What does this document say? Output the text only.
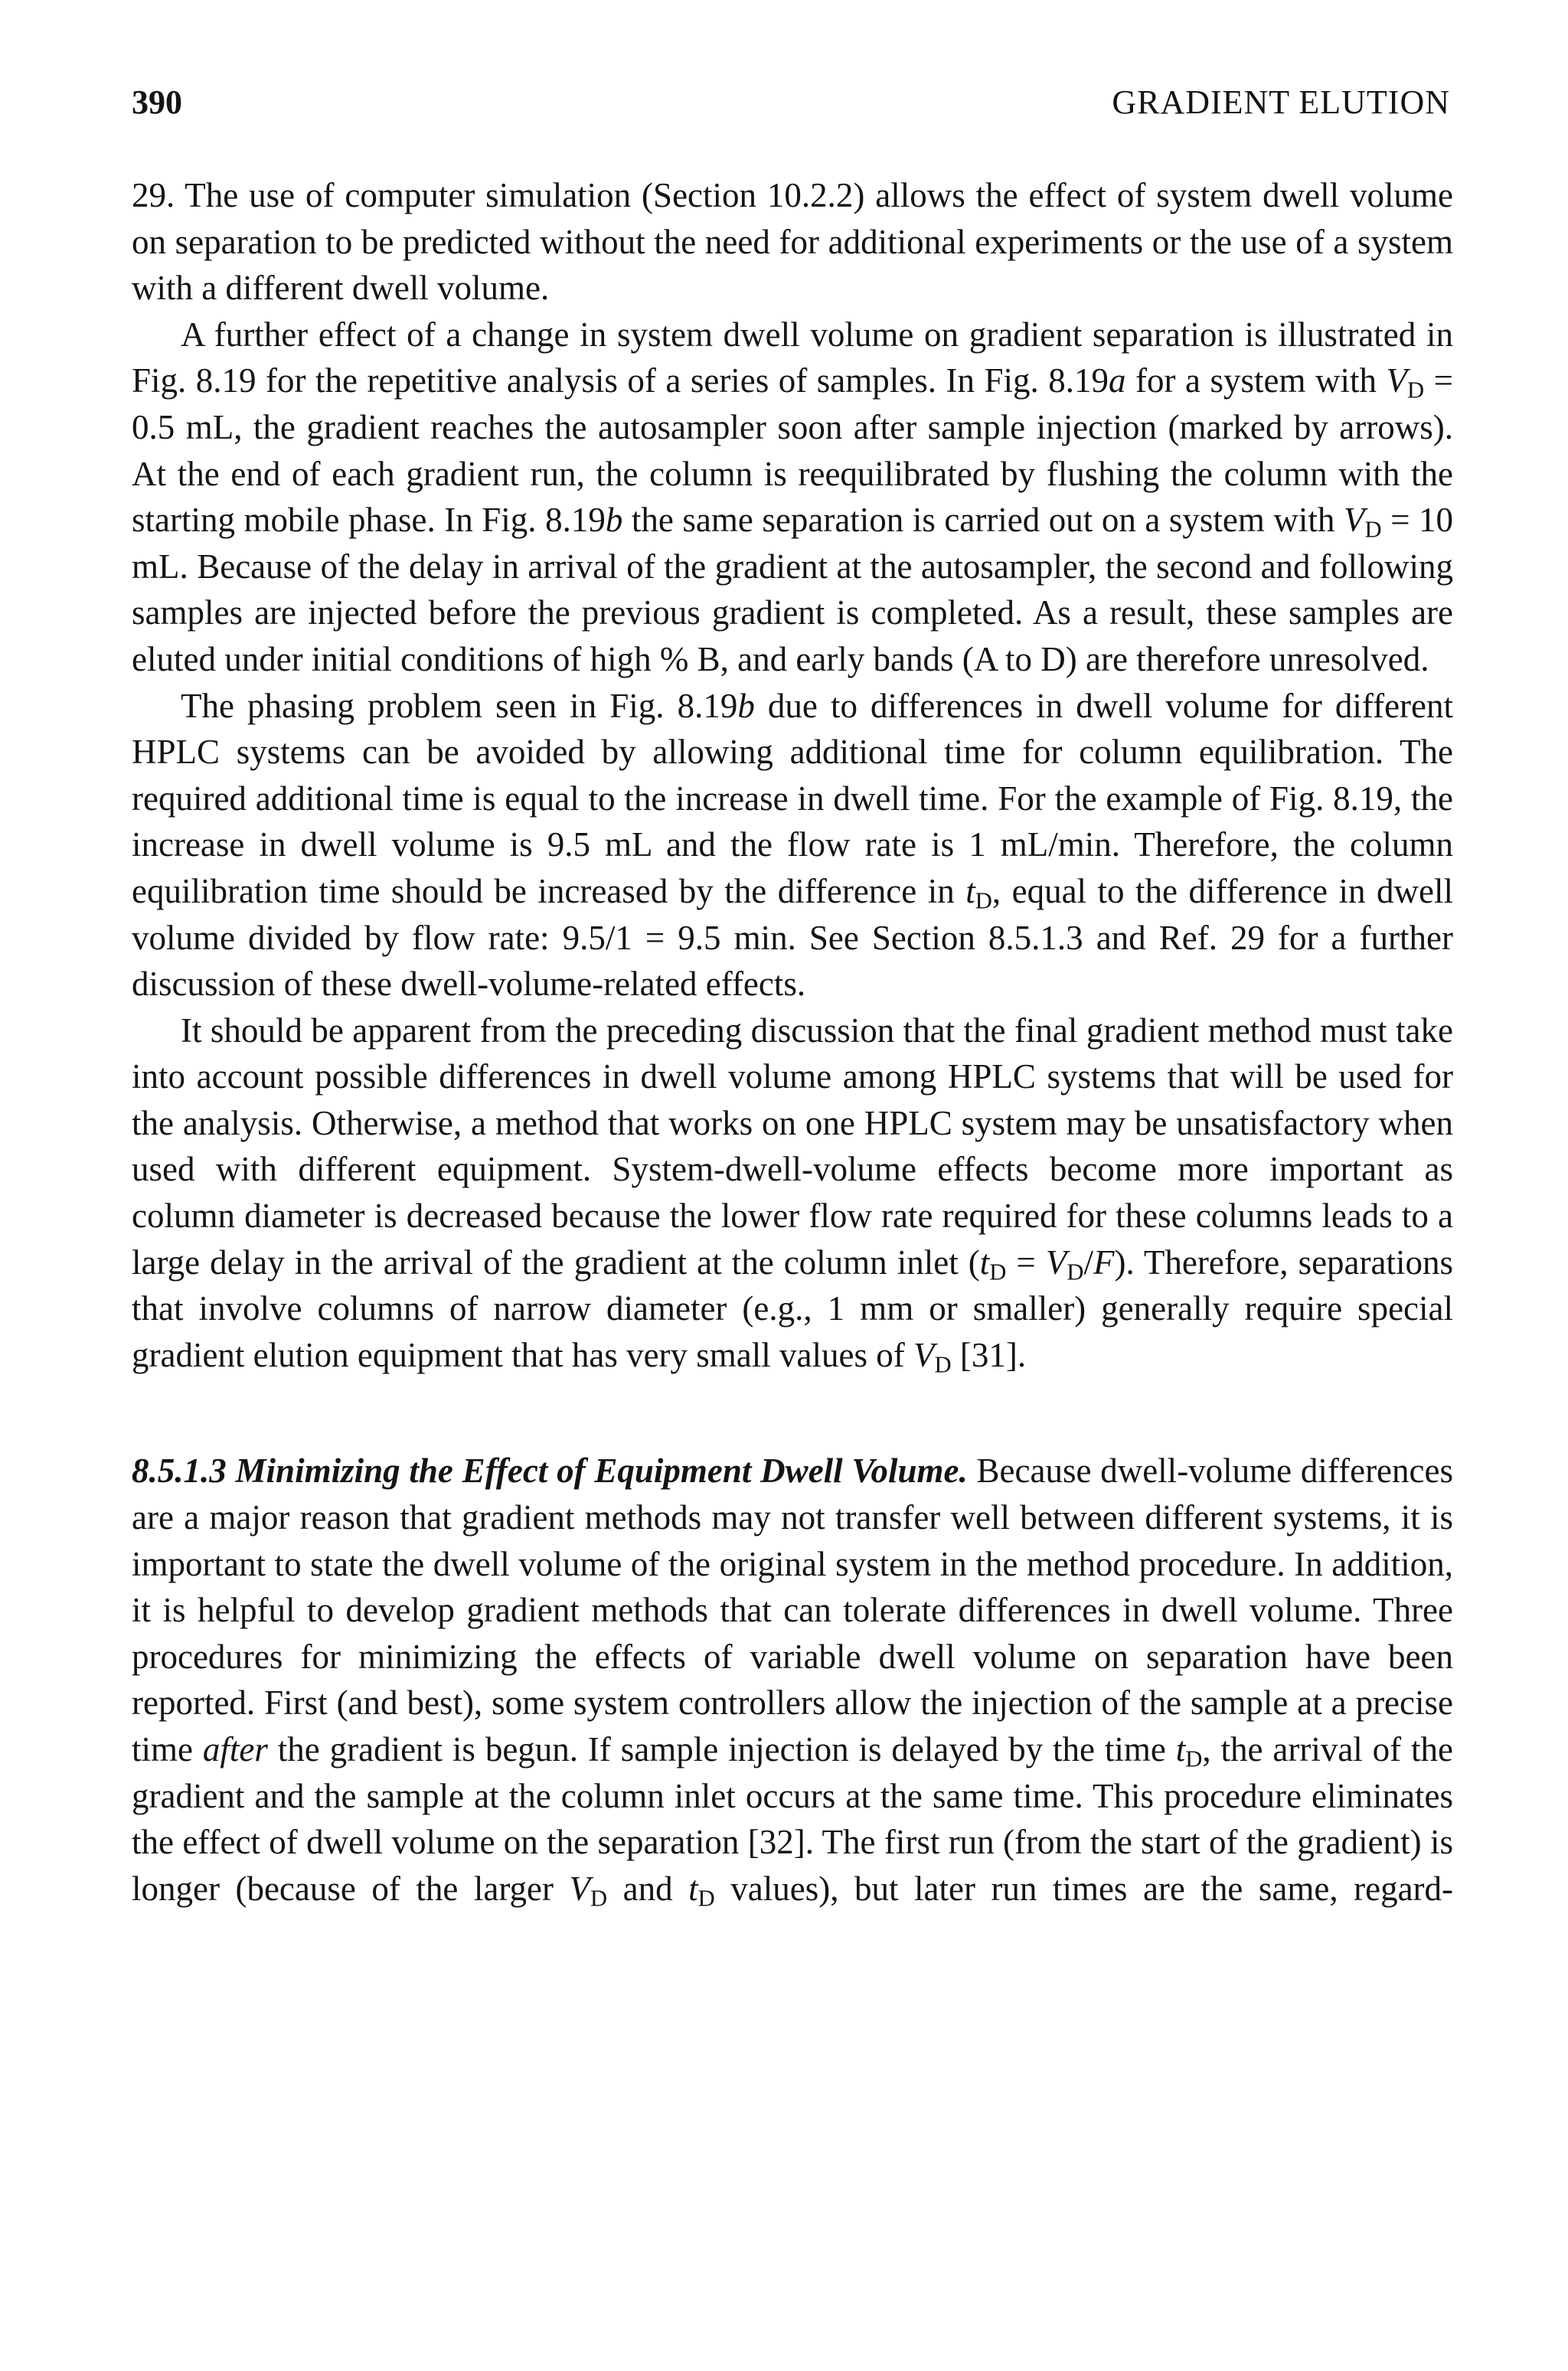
390	GRADIENT ELUTION

29. The use of computer simulation (Section 10.2.2) allows the effect of system dwell volume on separation to be predicted without the need for additional experiments or the use of a system with a different dwell volume.

A further effect of a change in system dwell volume on gradient separation is illustrated in Fig. 8.19 for the repetitive analysis of a series of samples. In Fig. 8.19a for a system with $V_D = 0.5$ mL, the gradient reaches the autosampler soon after sample injection (marked by arrows). At the end of each gradient run, the column is reequilibrated by flushing the column with the starting mobile phase. In Fig. 8.19b the same separation is carried out on a system with $V_D = 10$ mL. Because of the delay in arrival of the gradient at the autosampler, the second and following samples are injected before the previous gradient is completed. As a result, these samples are eluted under initial conditions of high % B, and early bands (A to D) are therefore unresolved.

The phasing problem seen in Fig. 8.19b due to differences in dwell volume for different HPLC systems can be avoided by allowing additional time for column equilibration. The required additional time is equal to the increase in dwell time. For the example of Fig. 8.19, the increase in dwell volume is 9.5 mL and the flow rate is 1 mL/min. Therefore, the column equilibration time should be increased by the difference in $t_D$, equal to the difference in dwell volume divided by flow rate: 9.5/1 = 9.5 min. See Section 8.5.1.3 and Ref. 29 for a further discussion of these dwell-volume-related effects.

It should be apparent from the preceding discussion that the final gradient method must take into account possible differences in dwell volume among HPLC systems that will be used for the analysis. Otherwise, a method that works on one HPLC system may be unsatisfactory when used with different equipment. System-dwell-volume effects become more important as column diameter is decreased because the lower flow rate required for these columns leads to a large delay in the arrival of the gradient at the column inlet $(t_D = V_D/F)$. Therefore, separations that involve columns of narrow diameter (e.g., 1 mm or smaller) generally require special gradient elution equipment that has very small values of $V_D$ [31].

8.5.1.3 Minimizing the Effect of Equipment Dwell Volume. Because dwell-volume differences are a major reason that gradient methods may not transfer well between different systems, it is important to state the dwell volume of the original system in the method procedure. In addition, it is helpful to develop gradient methods that can tolerate differences in dwell volume. Three procedures for minimizing the effects of variable dwell volume on separation have been reported. First (and best), some system controllers allow the injection of the sample at a precise time after the gradient is begun. If sample injection is delayed by the time $t_D$, the arrival of the gradient and the sample at the column inlet occurs at the same time. This procedure eliminates the effect of dwell volume on the separation [32]. The first run (from the start of the gradient) is longer (because of the larger $V_D$ and $t_D$ values), but later run times are the same, regard-
